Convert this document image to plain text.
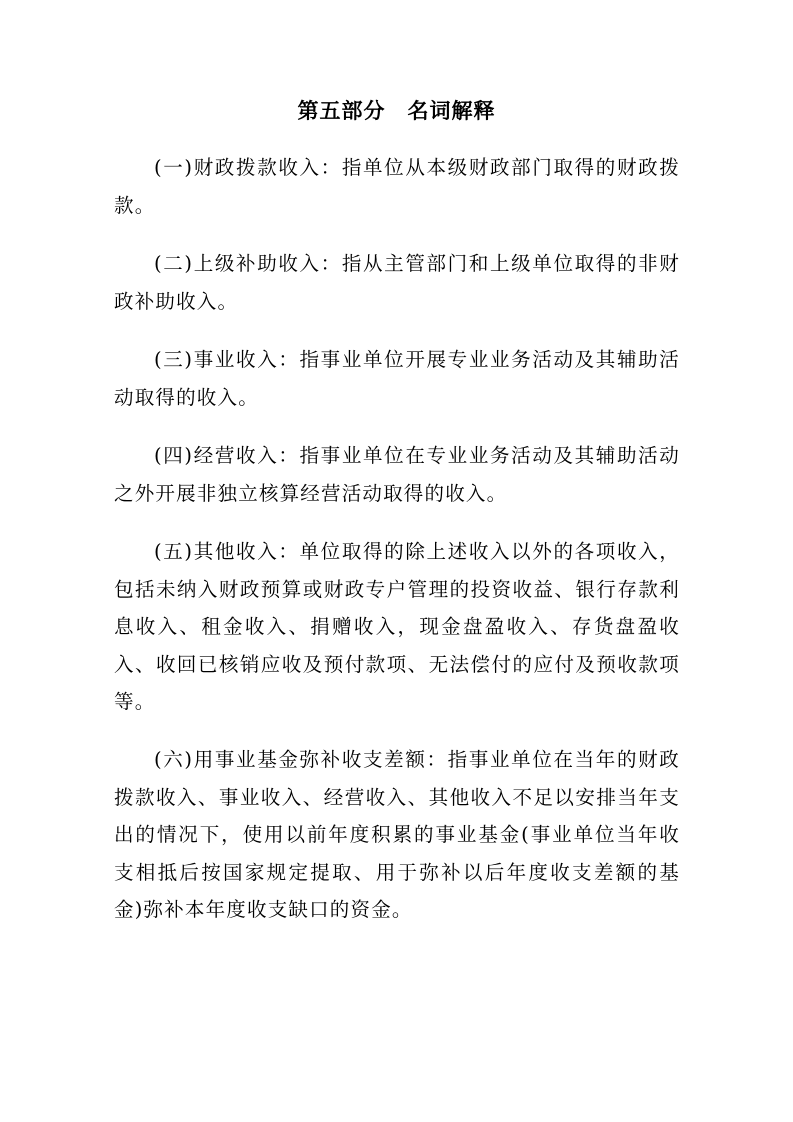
第五部分 名词解释

(一)财政拨款收入：指单位从本级财政部门取得的财政拨款。

(二)上级补助收入：指从主管部门和上级单位取得的非财政补助收入。

(三)事业收入：指事业单位开展专业业务活动及其辅助活动取得的收入。

(四)经营收入：指事业单位在专业业务活动及其辅助活动之外开展非独立核算经营活动取得的收入。

(五)其他收入：单位取得的除上述收入以外的各项收入，包括未纳入财政预算或财政专户管理的投资收益、银行存款利息收入、租金收入、捐赠收入，现金盘盈收入、存货盘盈收入、收回已核销应收及预付款项、无法偿付的应付及预收款项等。

(六)用事业基金弥补收支差额：指事业单位在当年的财政拨款收入、事业收入、经营收入、其他收入不足以安排当年支出的情况下，使用以前年度积累的事业基金(事业单位当年收支相抵后按国家规定提取、用于弥补以后年度收支差额的基金)弥补本年度收支缺口的资金。
